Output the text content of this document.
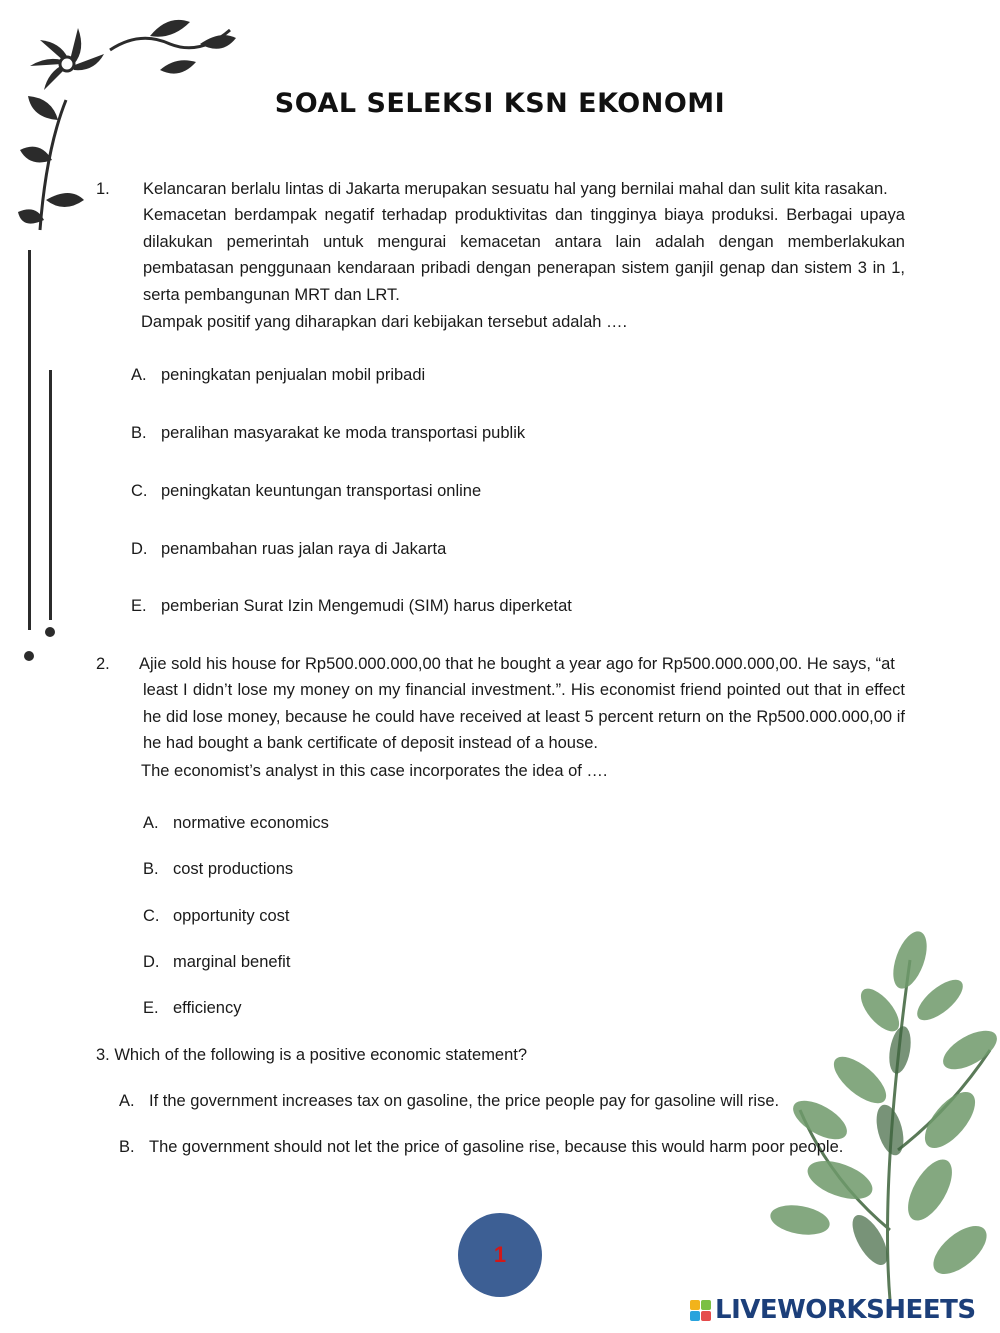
SOAL SELEKSI KSN EKONOMI
1. Kelancaran berlalu lintas di Jakarta merupakan sesuatu hal yang bernilai mahal dan sulit kita rasakan.
Kemacetan berdampak negatif terhadap produktivitas dan tingginya biaya produksi. Berbagai upaya dilakukan pemerintah untuk mengurai kemacetan antara lain adalah dengan memberlakukan pembatasan penggunaan kendaraan pribadi dengan penerapan sistem ganjil genap dan sistem 3 in 1, serta pembangunan MRT dan LRT.
Dampak positif yang diharapkan dari kebijakan tersebut adalah ….
A. peningkatan penjualan mobil pribadi
B. peralihan masyarakat ke moda transportasi publik
C. peningkatan keuntungan transportasi online
D. penambahan ruas jalan raya di Jakarta
E. pemberian Surat Izin Mengemudi (SIM) harus diperketat
2. Ajie sold his house for Rp500.000.000,00 that he bought a year ago for Rp500.000.000,00. He says, “at
least I didn’t lose my money on my financial investment.”. His economist friend pointed out that in effect he did lose money, because he could have received at least 5 percent return on the Rp500.000.000,00 if he had bought a bank certificate of deposit instead of a house.
The economist’s analyst in this case incorporates the idea of ….
A. normative economics
B. cost productions
C. opportunity cost
D. marginal benefit
E. efficiency
3. Which of the following is a positive economic statement?
A. If the government increases tax on gasoline, the price people pay for gasoline will rise.
B. The government should not let the price of gasoline rise, because this would harm poor people.
1
LIVEWORKSHEETS
